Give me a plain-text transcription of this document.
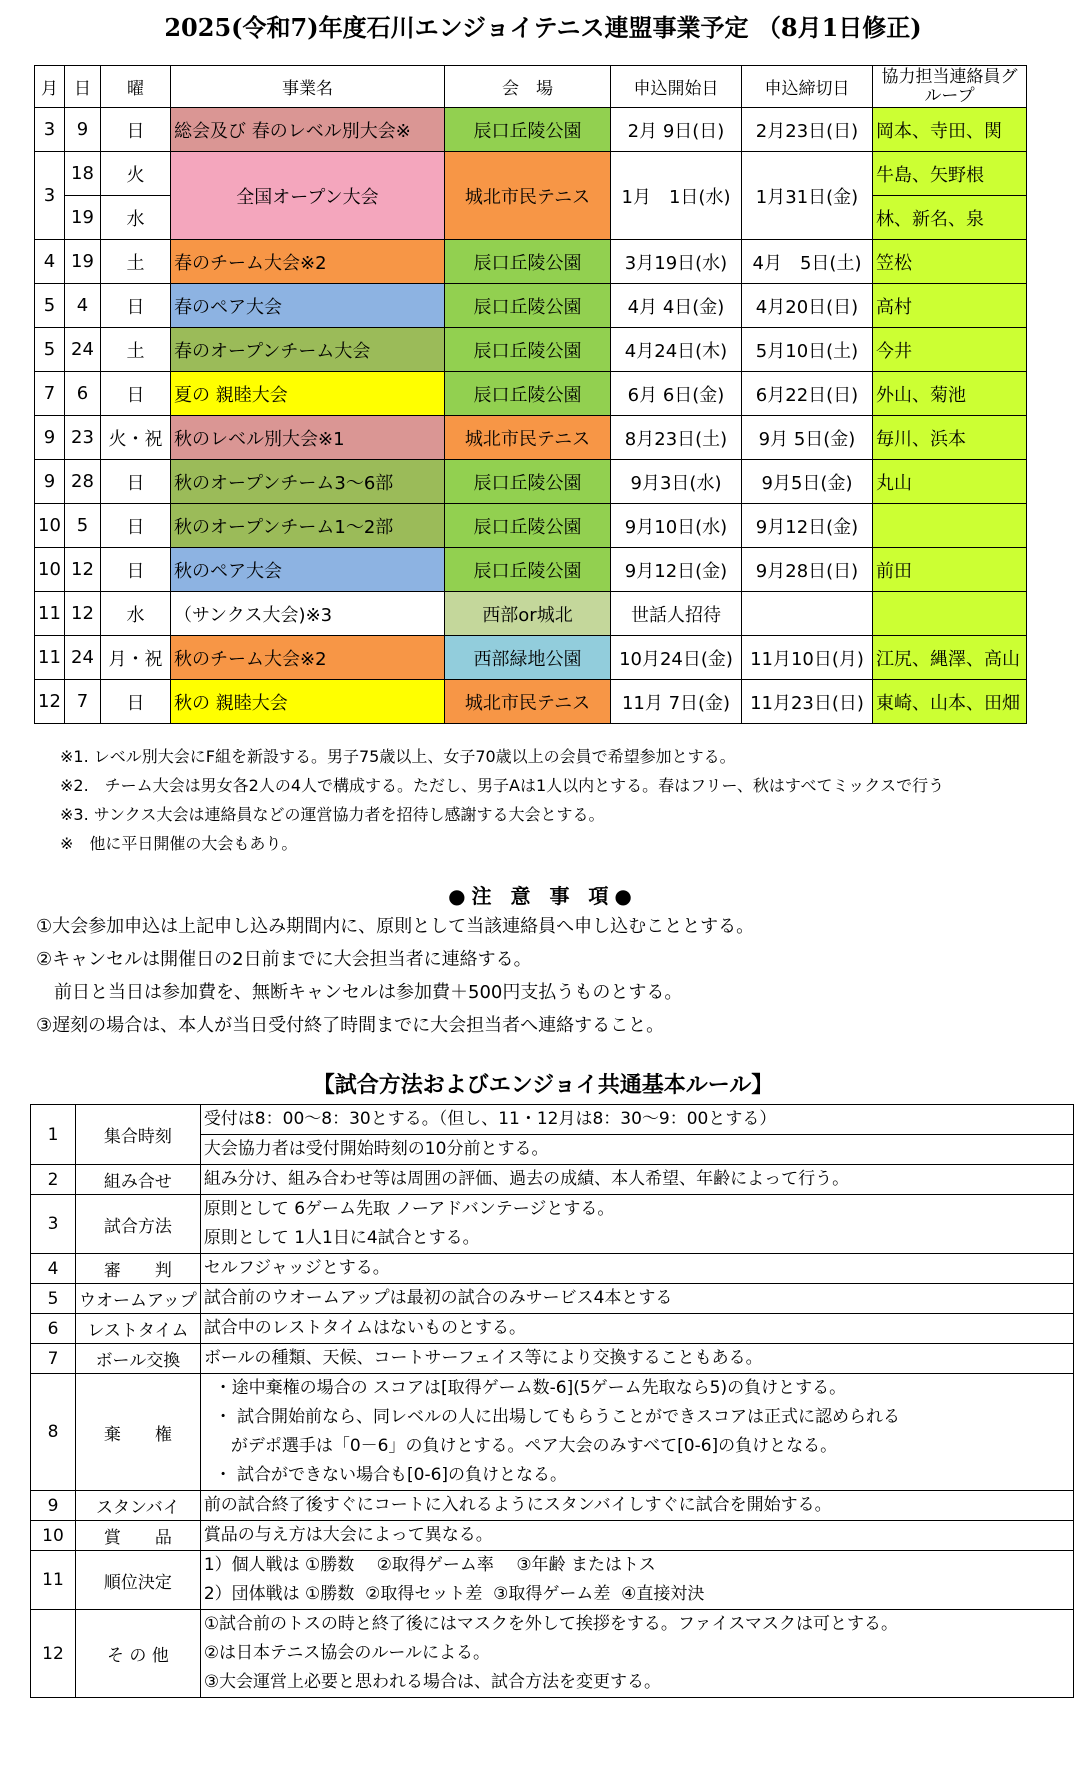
2025(令和7)年度石川エンジョイテニス連盟事業予定 （8月1日修正)
月	日	曜	事業名	会　場	申込開始日	申込締切日	協力担当連絡員グループ
3	9	日	総会及び 春のレベル別大会※	辰口丘陵公園	2月 9日(日)	2月23日(日)	岡本、寺田、関
3	18	火	全国オープン大会	城北市民テニス	1月　1日(水)	1月31日(金)	牛島、矢野根
	19	水					林、新名、泉
4	19	土	春のチーム大会※2	辰口丘陵公園	3月19日(水)	4月　5日(土)	笠松
5	4	日	春のペア大会	辰口丘陵公園	4月 4日(金)	4月20日(日)	高村
5	24	土	春のオープンチーム大会	辰口丘陵公園	4月24日(木)	5月10日(土)	今井
7	6	日	夏の 親睦大会	辰口丘陵公園	6月 6日(金)	6月22日(日)	外山、菊池
9	23	火・祝	秋のレベル別大会※1	城北市民テニス	8月23日(土)	9月 5日(金)	毎川、浜本
9	28	日	秋のオープンチーム3～6部	辰口丘陵公園	9月3日(水)	9月5日(金)	丸山
10	5	日	秋のオープンチーム1～2部	辰口丘陵公園	9月10日(水)	9月12日(金)	
10	12	日	秋のペア大会	辰口丘陵公園	9月12日(金)	9月28日(日)	前田
11	12	水	（サンクス大会)※3	西部or城北	世話人招待		
11	24	月・祝	秋のチーム大会※2	西部緑地公園	10月24日(金)	11月10日(月)	江尻、縄澤、高山
12	7	日	秋の 親睦大会	城北市民テニス	11月 7日(金)	11月23日(日)	東崎、山本、田畑
※1. レベル別大会にF組を新設する。男子75歳以上、女子70歳以上の会員で希望参加とする。
※2.　チーム大会は男女各2人の4人で構成する。ただし、男子Aは1人以内とする。春はフリー、秋はすべてミックスで行う
※3. サンクス大会は連絡員などの運営協力者を招待し感謝する大会とする。
※　他に平日開催の大会もあり。
●注 意 事 項●
①大会参加申込は上記申し込み期間内に、原則として当該連絡員へ申し込むこととする。
②キャンセルは開催日の2日前までに大会担当者に連絡する。
　前日と当日は参加費を、無断キャンセルは参加費＋500円支払うものとする。
③遅刻の場合は、本人が当日受付終了時間までに大会担当者へ連絡すること。
【試合方法およびエンジョイ共通基本ルール】
1	集合時刻	受付は8：00～8：30とする。（但し、11・12月は8：30～9：00とする）
大会協力者は受付開始時刻の10分前とする。

2	組み合せ	組み分け、組み合わせ等は周囲の評価、過去の成績、本人希望、年齢によって行う。

3	試合方法	原則として 6ゲーム先取 ノーアドバンテージとする。
原則として 1人1日に4試合とする。

4	審　　判	セルフジャッジとする。

5	ウオームアップ	試合前のウオームアップは最初の試合のみサービス4本とする

6	レストタイム	試合中のレストタイムはないものとする。

7	ボール交換	ボールの種類、天候、コートサーフェイス等により交換することもある。

8	棄　　権	・途中棄権の場合の スコアは[取得ゲーム数-6](5ゲーム先取なら5)の負けとする。
・ 試合開始前なら、同レベルの人に出場してもらうことができスコアは正式に認められる
がデポ選手は「0－6」の負けとする。ペア大会のみすべて[0-6]の負けとなる。
・ 試合ができない場合も[0-6]の負けとなる。

9	スタンバイ	前の試合終了後すぐにコートに入れるようにスタンバイしすぐに試合を開始する。

10	賞　　品	賞品の与え方は大会によって異なる。

11	順位決定	1）個人戦は ①勝数　 ②取得ゲーム率　 ③年齢 またはトス
2）団体戦は ①勝数  ②取得セット差  ③取得ゲーム差  ④直接対決

12	そ の 他	①試合前のトスの時と終了後にはマスクを外して挨拶をする。ファイスマスクは可とする。
②は日本テニス協会のルールによる。
③大会運営上必要と思われる場合は、試合方法を変更する。
